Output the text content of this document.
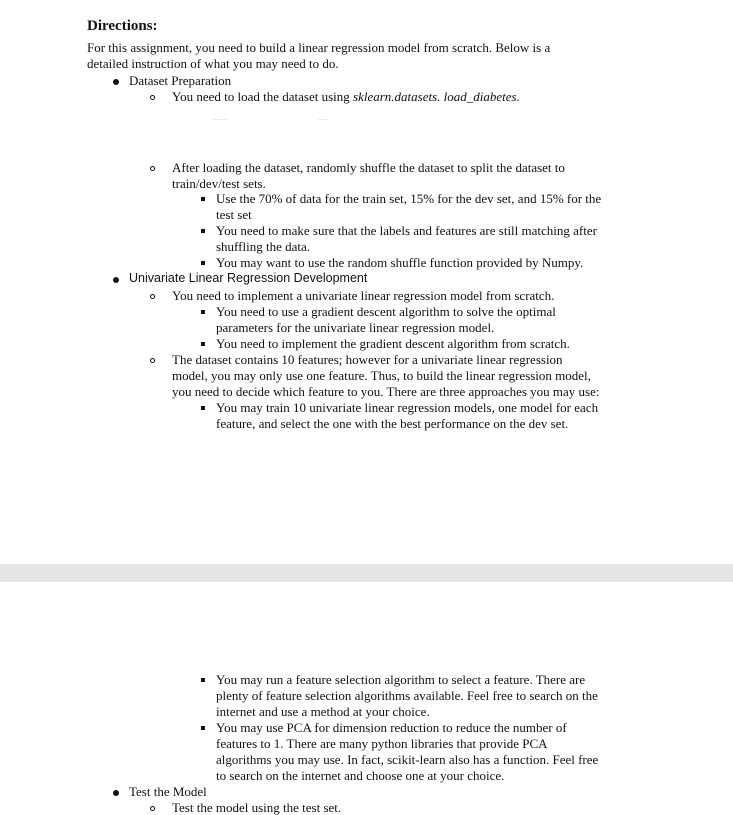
Directions:
For this assignment, you need to build a linear regression model from scratch. Below is a
detailed instruction of what you may need to do.
Dataset Preparation
You need to load the dataset using sklearn.datasets. load_diabetes.
After loading the dataset, randomly shuffle the dataset to split the dataset to
train/dev/test sets.
Use the 70% of data for the train set, 15% for the dev set, and 15% for the
test set
You need to make sure that the labels and features are still matching after
shuffling the data.
You may want to use the random shuffle function provided by Numpy.
Univariate Linear Regression Development
You need to implement a univariate linear regression model from scratch.
You need to use a gradient descent algorithm to solve the optimal
parameters for the univariate linear regression model.
You need to implement the gradient descent algorithm from scratch.
The dataset contains 10 features; however for a univariate linear regression
model, you may only use one feature. Thus, to build the linear regression model,
you need to decide which feature to you. There are three approaches you may use:
You may train 10 univariate linear regression models, one model for each
feature, and select the one with the best performance on the dev set.
You may run a feature selection algorithm to select a feature. There are
plenty of feature selection algorithms available. Feel free to search on the
internet and use a method at your choice.
You may use PCA for dimension reduction to reduce the number of
features to 1. There are many python libraries that provide PCA
algorithms you may use. In fact, scikit-learn also has a function. Feel free
to search on the internet and choose one at your choice.
Test the Model
Test the model using the test set.
